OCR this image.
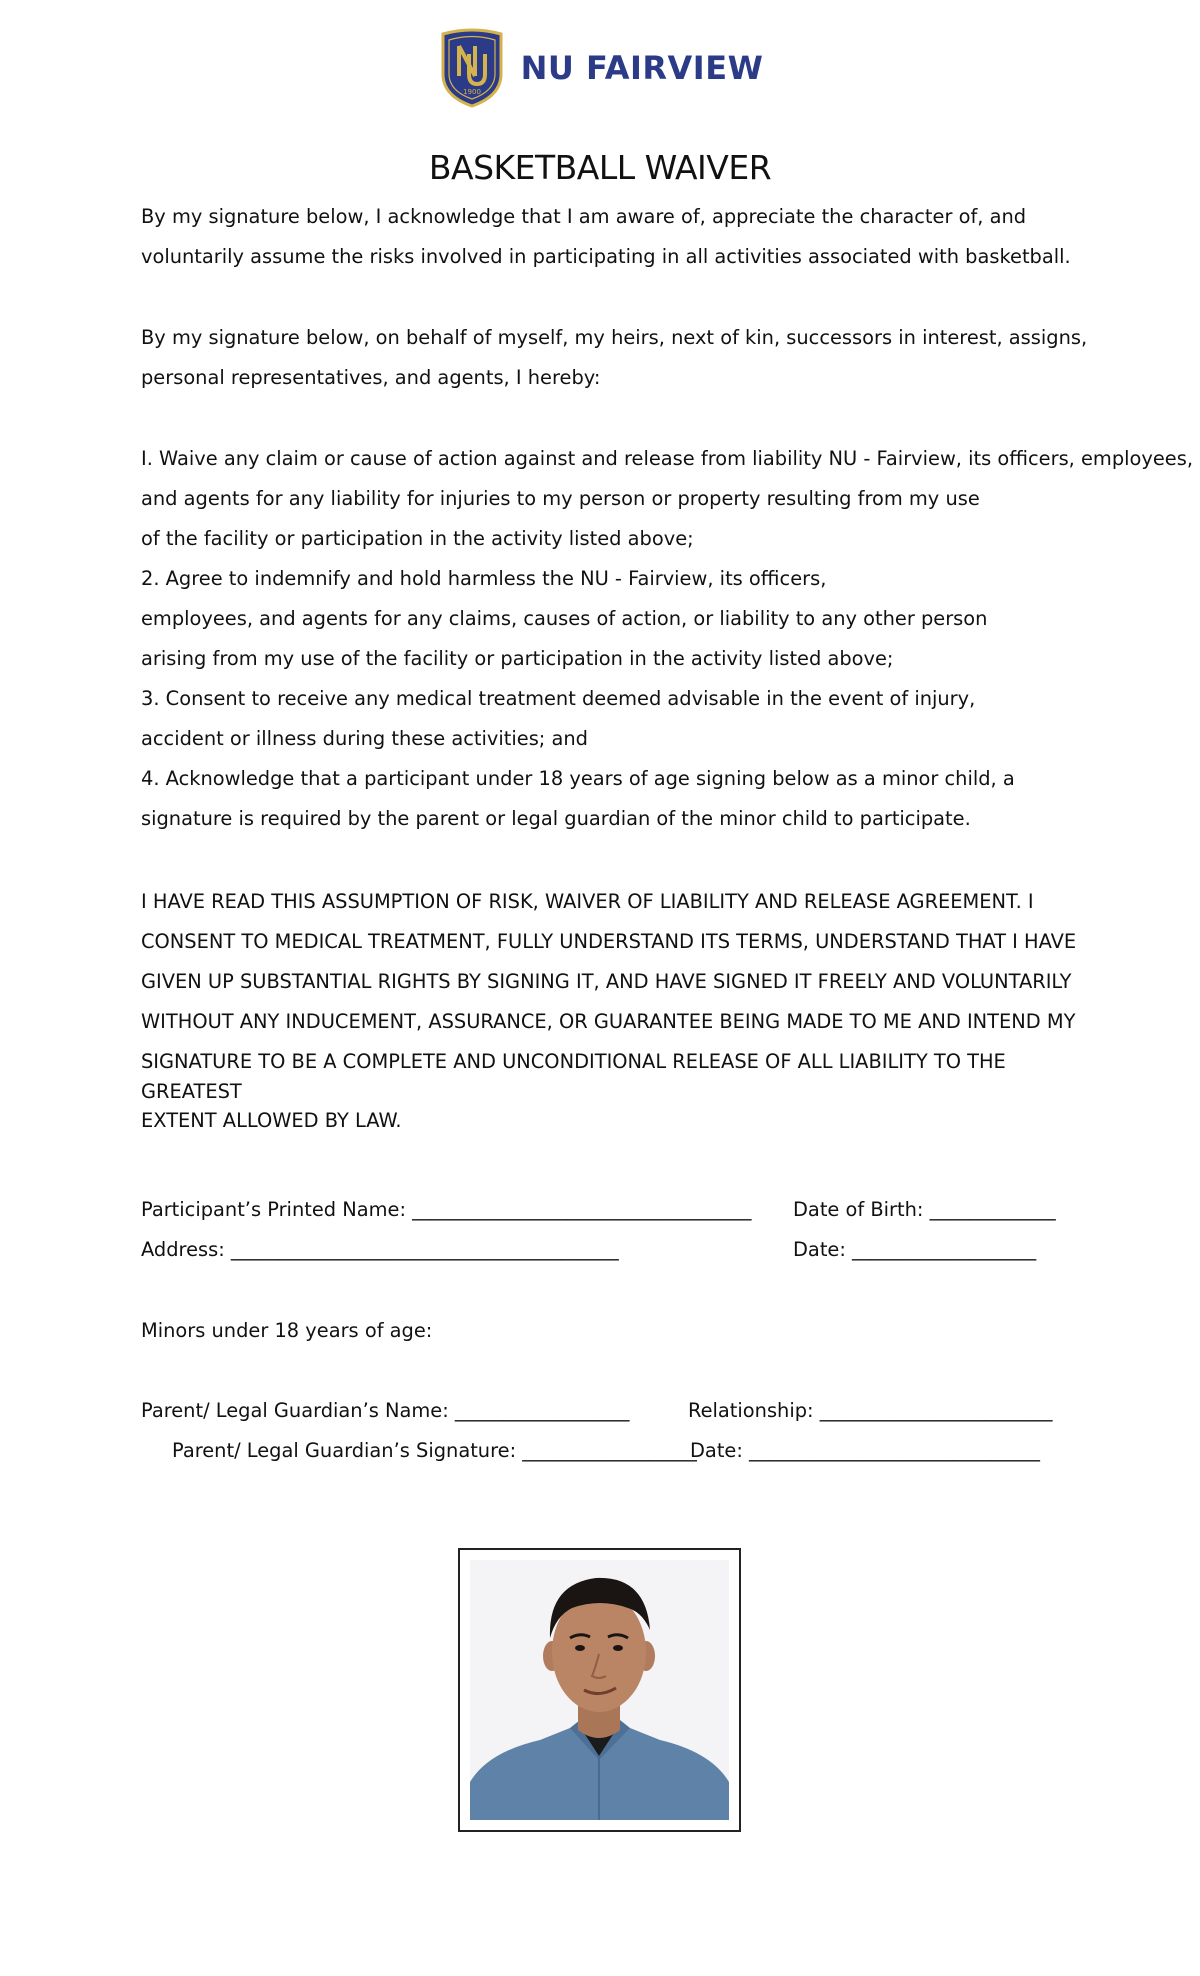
1900
NU FAIRVIEW
BASKETBALL WAIVER
By my signature below, I acknowledge that I am aware of, appreciate the character of, and
voluntarily assume the risks involved in participating in all activities associated with basketball.
By my signature below, on behalf of myself, my heirs, next of kin, successors in interest, assigns,
personal representatives, and agents, I hereby:
I. Waive any claim or cause of action against and release from liability NU - Fairview, its officers, employees,
and agents for any liability for injuries to my person or property resulting from my use
of the facility or participation in the activity listed above;
2. Agree to indemnify and hold harmless the NU - Fairview, its officers,
employees, and agents for any claims, causes of action, or liability to any other person
arising from my use of the facility or participation in the activity listed above;
3. Consent to receive any medical treatment deemed advisable in the event of injury,
accident or illness during these activities; and
4. Acknowledge that a participant under 18 years of age signing below as a minor child, a
signature is required by the parent or legal guardian of the minor child to participate.
I HAVE READ THIS ASSUMPTION OF RISK, WAIVER OF LIABILITY AND RELEASE AGREEMENT. I
CONSENT TO MEDICAL TREATMENT, FULLY UNDERSTAND ITS TERMS, UNDERSTAND THAT I HAVE
GIVEN UP SUBSTANTIAL RIGHTS BY SIGNING IT, AND HAVE SIGNED IT FREELY AND VOLUNTARILY
WITHOUT ANY INDUCEMENT, ASSURANCE, OR GUARANTEE BEING MADE TO ME AND INTEND MY
SIGNATURE TO BE A COMPLETE AND UNCONDITIONAL RELEASE OF ALL LIABILITY TO THE
GREATEST
EXTENT ALLOWED BY LAW.
Participant’s Printed Name: ___________________________________ Date of Birth: _____________
Address: ________________________________________	Date: ___________________
Minors under 18 years of age:
Parent/ Legal Guardian’s Name: __________________	Relationship: ________________________
Parent/ Legal Guardian’s Signature: __________________
Date: ______________________________
